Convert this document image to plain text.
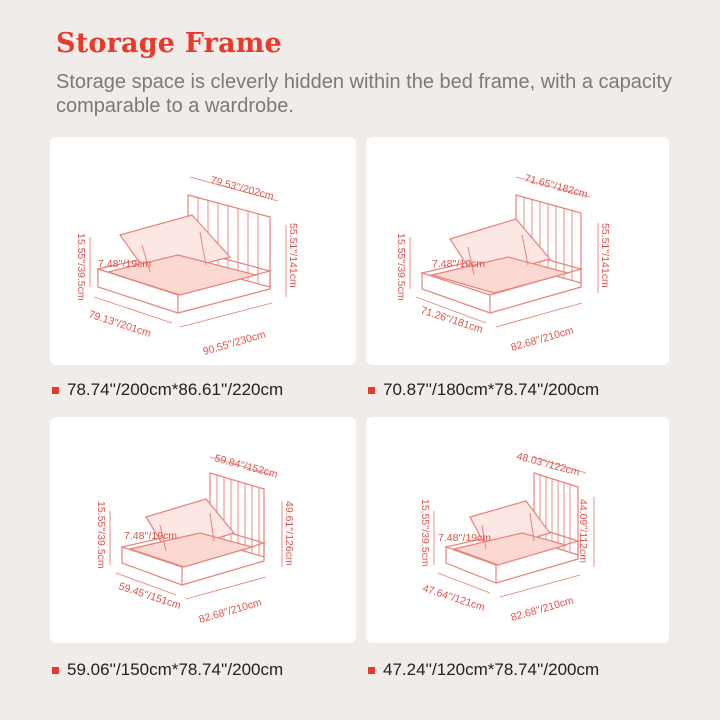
Storage Frame
Storage space is cleverly hidden within the bed frame, with a capacity comparable to a wardrobe.
79.53''/202cm
55.51''/141cm
15.55''/39.5cm 7.48''/19cm
79.13''/201cm
90.55''/230cm
78.74''/200cm*86.61''/220cm
71.65''/182cm
55.51''/141cm
15.55''/39.5cm 7.48''/19cm
71.26''/181cm
82.68''/210cm
70.87''/180cm*78.74''/200cm
59.84''/152cm
49.61''/126cm
15.55''/39.5cm 7.48''/19cm
59.45''/151cm 82.68''/210cm
59.06''/150cm*78.74''/200cm
48.03''/122cm
44.09''/112cm
15.55''/39.5cm 7.48''/19cm
47.64''/121cm 82.68''/210cm
47.24''/120cm*78.74''/200cm
